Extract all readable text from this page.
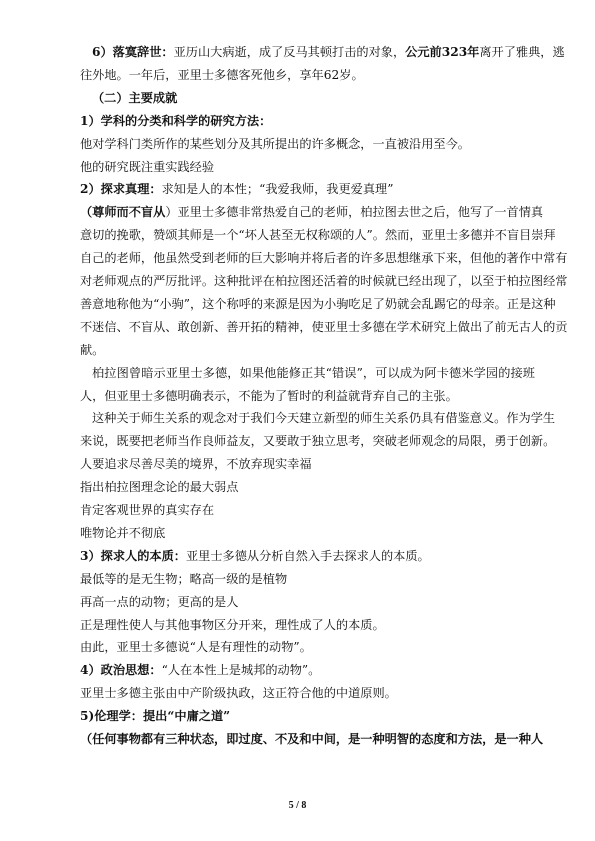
6）落寞辞世：亚历山大病逝，成了反马其顿打击的对象，公元前323年离开了雅典，逃
往外地。一年后，亚里士多德客死他乡，享年62岁。
（二）主要成就
1）学科的分类和科学的研究方法：
他对学科门类所作的某些划分及其所提出的许多概念，一直被沿用至今。
他的研究既注重实践经验
2）探求真理：求知是人的本性；“我爱我师，我更爱真理”
（尊师而不盲从）亚里士多德非常热爱自己的老师，柏拉图去世之后，他写了一首情真
意切的挽歌，赞颂其师是一个“坏人甚至无权称颂的人”。然而，亚里士多德并不盲目崇拜
自己的老师，他虽然受到老师的巨大影响并将后者的许多思想继承下来，但他的著作中常有
对老师观点的严厉批评。这种批评在柏拉图还活着的时候就已经出现了，以至于柏拉图经常
善意地称他为“小驹”，这个称呼的来源是因为小驹吃足了奶就会乱踢它的母亲。正是这种
不迷信、不盲从、敢创新、善开拓的精神，使亚里士多德在学术研究上做出了前无古人的贡
献。
柏拉图曾暗示亚里士多德，如果他能修正其“错误”，可以成为阿卡德米学园的接班
人，但亚里士多德明确表示，不能为了暂时的利益就背弃自己的主张。
这种关于师生关系的观念对于我们今天建立新型的师生关系仍具有借鉴意义。作为学生
来说，既要把老师当作良师益友，又要敢于独立思考，突破老师观念的局限，勇于创新。
人要追求尽善尽美的境界，不放弃现实幸福
指出柏拉图理念论的最大弱点
肯定客观世界的真实存在
唯物论并不彻底
3）探求人的本质：亚里士多德从分析自然入手去探求人的本质。
最低等的是无生物；略高一级的是植物
再高一点的动物；更高的是人
正是理性使人与其他事物区分开来，理性成了人的本质。
由此，亚里士多德说“人是有理性的动物”。
4）政治思想：“人在本性上是城邦的动物”。
亚里士多德主张由中产阶级执政，这正符合他的中道原则。
5)伦理学：提出“中庸之道”
（任何事物都有三种状态，即过度、不及和中间，是一种明智的态度和方法，是一种人
5 / 8
